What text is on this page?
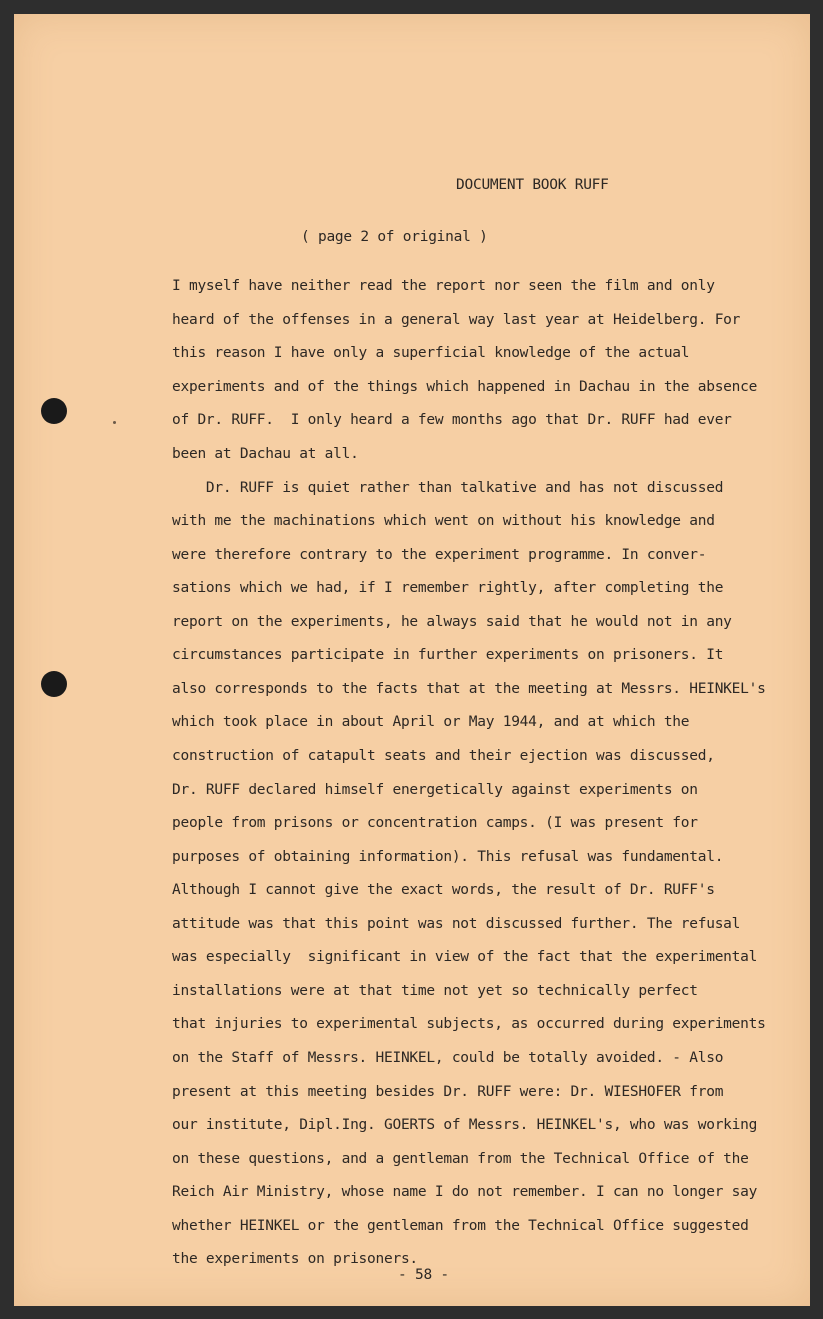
DOCUMENT BOOK RUFF
( page 2 of original )
I myself have neither read the report nor seen the film and only
heard of the offenses in a general way last year at Heidelberg. For
this reason I have only a superficial knowledge of the actual
experiments and of the things which happened in Dachau in the absence
of Dr. RUFF.  I only heard a few months ago that Dr. RUFF had ever
been at Dachau at all.
Dr. RUFF is quiet rather than talkative and has not discussed
with me the machinations which went on without his knowledge and
were therefore contrary to the experiment programme. In conver-
sations which we had, if I remember rightly, after completing the
report on the experiments, he always said that he would not in any
circumstances participate in further experiments on prisoners. It
also corresponds to the facts that at the meeting at Messrs. HEINKEL's
which took place in about April or May 1944, and at which the
construction of catapult seats and their ejection was discussed,
Dr. RUFF declared himself energetically against experiments on
people from prisons or concentration camps. (I was present for
purposes of obtaining information). This refusal was fundamental.
Although I cannot give the exact words, the result of Dr. RUFF's
attitude was that this point was not discussed further. The refusal
was especially  significant in view of the fact that the experimental
installations were at that time not yet so technically perfect
that injuries to experimental subjects, as occurred during experiments
on the Staff of Messrs. HEINKEL, could be totally avoided. - Also
present at this meeting besides Dr. RUFF were: Dr. WIESHOFER from
our institute, Dipl.Ing. GOERTS of Messrs. HEINKEL's, who was working
on these questions, and a gentleman from the Technical Office of the
Reich Air Ministry, whose name I do not remember. I can no longer say
whether HEINKEL or the gentleman from the Technical Office suggested
the experiments on prisoners.
- 58 -
